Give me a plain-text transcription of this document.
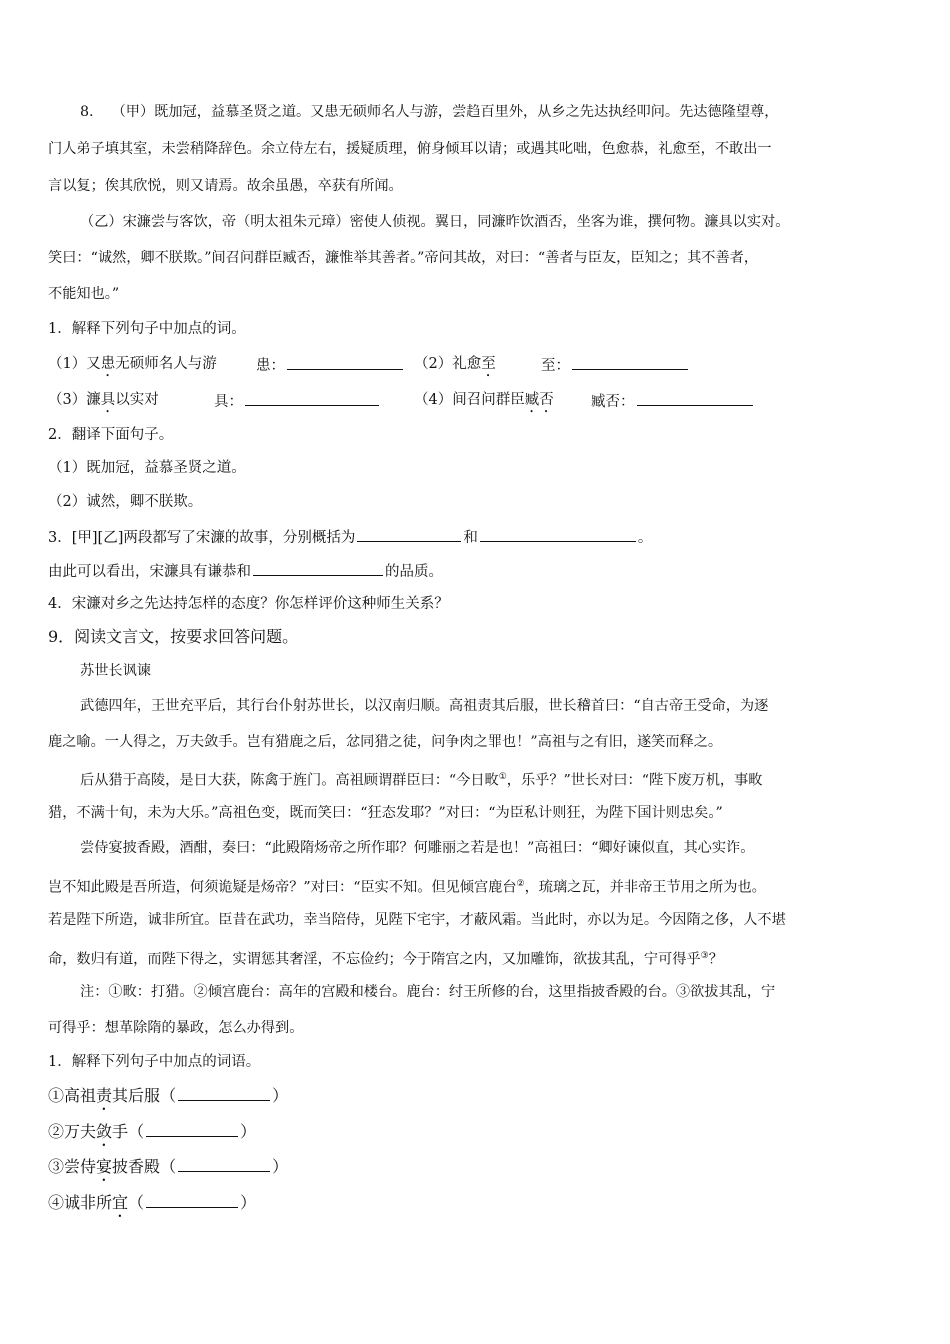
8. （甲）既加冠，益慕圣贤之道。又患无硕师名人与游，尝趋百里外，从乡之先达执经叩问。先达德隆望尊，
门人弟子填其室，未尝稍降辞色。余立侍左右，援疑质理，俯身倾耳以请；或遇其叱咄，色愈恭，礼愈至，不敢出一
言以复；俟其欣悦，则又请焉。故余虽愚，卒获有所闻。
（乙）宋濂尝与客饮，帝（明太祖朱元璋）密使人侦视。翼日，同濂昨饮酒否，坐客为谁，撰何物。濂具以实对。
笑曰：“诚然，卿不朕欺。”间召问群臣臧否，濂惟举其善者。”帝问其故，对曰：“善者与臣友，臣知之；其不善者，
不能知也。”
1．解释下列句子中加点的词。
（1）又患无硕师名人与游	患：	（2）礼愈至	至：
（3）濂具以实对	具：	（4）间召问群臣臧否	臧否：
2．翻译下面句子。
（1）既加冠，益慕圣贤之道。
（2）诚然，卿不朕欺。
3．[甲][乙]两段都写了宋濂的故事，分别概括为	和	。
由此可以看出，宋濂具有谦恭和	的品质。
4．宋濂对乡之先达持怎样的态度？你怎样评价这种师生关系？
9．阅读文言文，按要求回答问题。
苏世长讽谏
武德四年，王世充平后，其行台仆射苏世长，以汉南归顺。高祖责其后服，世长稽首曰：“自古帝王受命，为逐
鹿之喻。一人得之，万夫敛手。岂有猎鹿之后，忿同猎之徒，问争肉之罪也！”高祖与之有旧，遂笑而释之。
后从猎于高陵，是日大获，陈禽于旌门。高祖顾谓群臣曰：“今日畋①，乐乎？”世长对曰：“陛下废万机，事畋
猎，不满十旬，未为大乐。”高祖色变，既而笑曰：“狂态发耶？”对曰：“为臣私计则狂，为陛下国计则忠矣。”
尝侍宴披香殿，酒酣，奏曰：“此殿隋炀帝之所作耶？何雕丽之若是也！”高祖曰：“卿好谏似直，其心实诈。
岂不知此殿是吾所造，何须诡疑是炀帝？”对曰：“臣实不知。但见倾宫鹿台②，琉璃之瓦，并非帝王节用之所为也。
若是陛下所造，诚非所宜。臣昔在武功，幸当陪侍，见陛下宅宇，才蔽风霜。当此时，亦以为足。今因隋之侈，人不堪
命，数归有道，而陛下得之，实谓惩其奢淫，不忘俭约；今于隋宫之内，又加雕饰，欲拔其乱，宁可得乎③？
注：①畋：打猎。②倾宫鹿台：高年的宫殿和楼台。鹿台：纣王所修的台，这里指披香殿的台。③欲拔其乱，宁
可得乎：想革除隋的暴政，怎么办得到。
1．解释下列句子中加点的词语。
①高祖责其后服（	）
②万夫敛手（	）
③尝侍宴披香殿（	）
④诚非所宜（	）
